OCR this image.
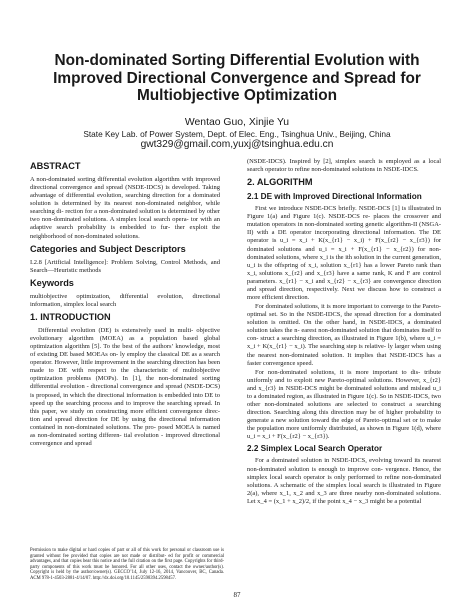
Non-dominated Sorting Differential Evolution with
Improved Directional Convergence and Spread for
Multiobjective Optimization
Wentao Guo, Xinjie Yu
State Key Lab. of Power System, Dept. of Elec. Eng., Tsinghua Univ., Beijing, China
gwt329@gmail.com,yuxj@tsinghua.edu.cn
ABSTRACT
A non-dominated sorting differential evolution algorithm with improved directional convergence and spread (NSDE-IDCS) is developed. Taking advantage of differential evolution, searching direction for a dominated solution is determined by its nearest non-dominated neighbor, while searching di- rection for a non-dominated solution is determined by other two non-dominated solutions. A simplex local search opera- tor with an adaptive search probability is embedded to fur- ther exploit the neighborhood of non-dominated solutions.
Categories and Subject Descriptors
I.2.8 [Artificial Intelligence]: Problem Solving, Control Methods, and Search—Heuristic methods
Keywords
multiobjective optimization, differential evolution, directional information, simplex local search
1. INTRODUCTION
Differential evolution (DE) is extensively used in multi- objective evolutionary algorithm (MOEA) as a population based global optimization algorithm [5]. To the best of the authors’ knowledge, most of existing DE based MOEAs on- ly employ the classical DE as a search operator. However, little improvement in the searching direction has been made to DE with respect to the characteristic of multiobjective optimization problems (MOPs). In [1], the non-dominated sorting differential evolution - directional convergence and spread (NSDE-DCS) is proposed, in which the directional information is embedded into DE to speed up the searching process and to improve the searching spread. In this paper, we study on constructing more efficient convergence direc- tion and spread direction for DE by using the directional information contained in non-dominated solutions. The pro- posed MOEA is named as non-dominated sorting differen- tial evolution - improved directional convergence and spread
Permission to make digital or hard copies of part or all of this work for personal or classroom use is granted without fee provided that copies are not made or distribut- ed for profit or commercial advantages, and that copies bear this notice and the full citation on the first page. Copyrights for third-party components of this work must be honored. For all other uses, contact the owner/author(s). Copyright is held by the author/owner(s). GECCO’14, July 12-16, 2014, Vancouver, BC, Canada. ACM 978-1-4503-2881-4/14/07. http://dx.doi.org/10.1145/2598394.2598457.
(NSDE-IDCS). Inspired by [2], simplex search is employed as a local search operator to refine non-dominated solutions in NSDE-IDCS.
2. ALGORITHM
2.1 DE with Improved Directional Information
First we introduce NSDE-DCS briefly. NSDE-DCS [1] is illustrated in Figure 1(a) and Figure 1(c). NSDE-DCS re- places the crossover and mutation operators in non-dominated sorting genetic algorithm-II (NSGA-II) with a DE operator incorporating directional information. The DE operator is u_i = x_i + K(x_{r1} − x_i) + F(x_{r2} − x_{r3}) for dominated solutions and u_i = x_i + F(x_{r1} − x_{r2}) for non-dominated solutions, where x_i is the ith solution in the current generation, u_i is the offspring of x_i, solution x_{r1} has a lower Pareto rank than x_i, solutions x_{r2} and x_{r3} have a same rank, K and F are control parameters. x_{r1} − x_i and x_{r2} − x_{r3} are convergence direction and spread direction, respectively. Next we discuss how to construct a more efficient direction.
For dominated solutions, it is more important to converge to the Pareto-optimal set. So in the NSDE-IDCS, the spread direction for a dominated solution is omitted. On the other hand, in NSDE-IDCS, a dominated solution takes the n- earest non-dominated solution that dominates itself to con- struct a searching direction, as illustrated in Figure 1(b), where u_i = x_i + K(x_{r1} − x_i). The searching step is relative- ly larger when using the nearest non-dominated solution. It implies that NSDE-IDCS has a faster convergence speed.
For non-dominated solutions, it is more important to dis- tribute uniformly and to exploit new Pareto-optimal solutions. However, x_{r2} and x_{r3} in NSDE-DCS might be dominated solutions and mislead u_i to a dominated region, as illustrated in Figure 1(c). So in NSDE-IDCS, two other non-dominated solutions are selected to construct a searching direction. Searching along this direction may be of higher probability to generate a new solution toward the edge of Pareto-optimal set or to make the population more uniformly distributed, as shown in Figure 1(d), where u_i = x_i + F(x_{r2} − x_{r3}).
2.2 Simplex Local Search Operator
For a dominated solution in NSDE-IDCS, evolving toward its nearest non-dominated solution is enough to improve con- vergence. Hence, the simplex local search operator is only performed to refine non-dominated solutions. A schematic of the simplex local search is illustrated in Figure 2(a), where x_1, x_2 and x_3 are three nearby non-dominated solutions. Let x_4 = (x_1 + x_2)/2, if the point x_4 − x_3 might be a potential
87
